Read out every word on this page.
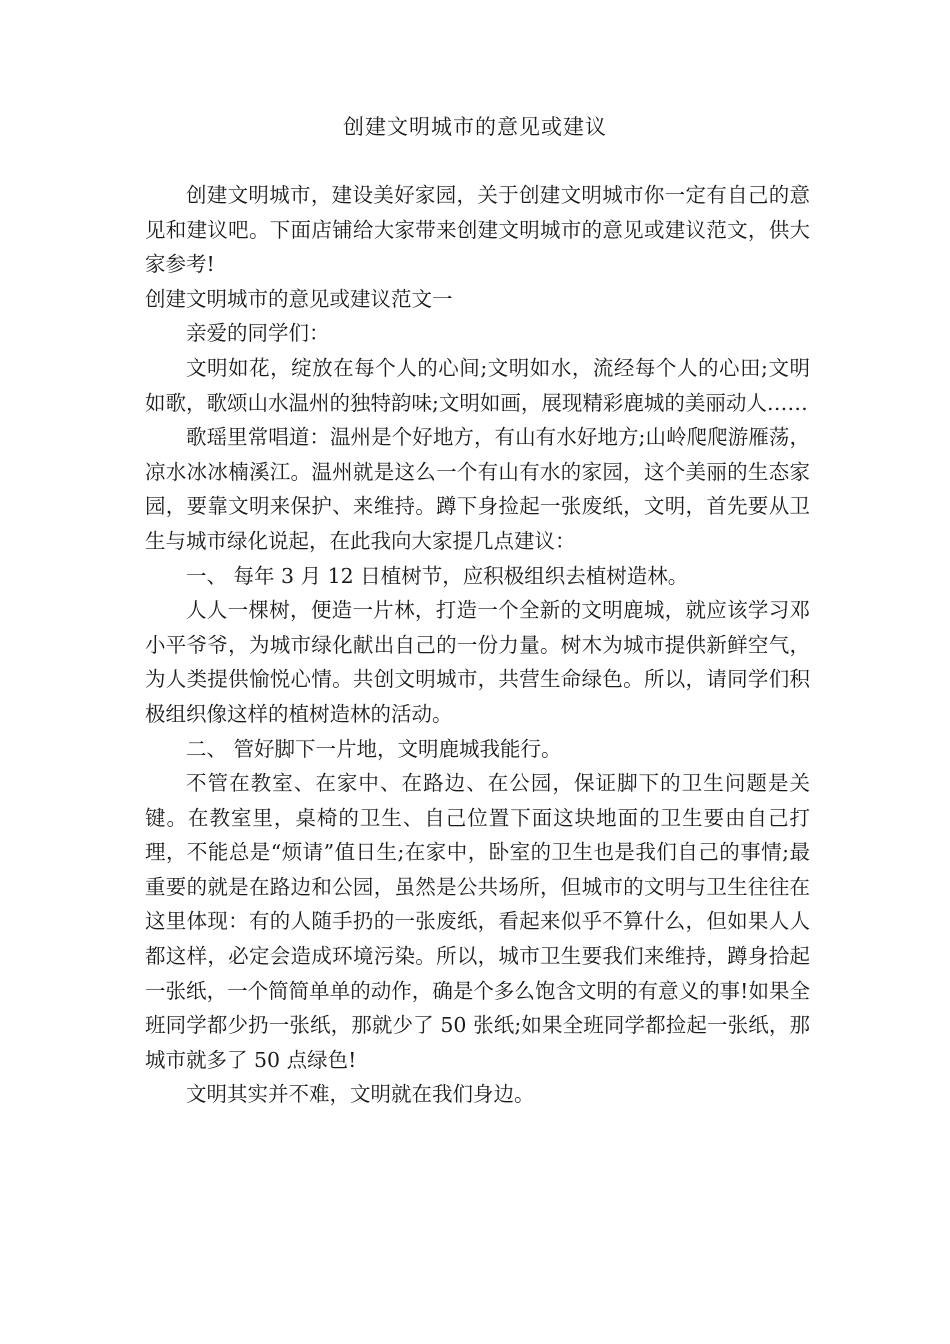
创建文明城市的意见或建议

创建文明城市，建设美好家园，关于创建文明城市你一定有自己的意见和建议吧。下面店铺给大家带来创建文明城市的意见或建议范文，供大家参考!

创建文明城市的意见或建议范文一

亲爱的同学们：

文明如花，绽放在每个人的心间;文明如水，流经每个人的心田;文明如歌，歌颂山水温州的独特韵味;文明如画，展现精彩鹿城的美丽动人……

歌瑶里常唱道：温州是个好地方，有山有水好地方;山岭爬爬游雁荡，凉水冰冰楠溪江。温州就是这么一个有山有水的家园，这个美丽的生态家园，要靠文明来保护、来维持。蹲下身捡起一张废纸，文明，首先要从卫生与城市绿化说起，在此我向大家提几点建议：

一、 每年 3 月 12 日植树节，应积极组织去植树造林。

人人一棵树，便造一片林，打造一个全新的文明鹿城，就应该学习邓小平爷爷，为城市绿化献出自己的一份力量。树木为城市提供新鲜空气，为人类提供愉悦心情。共创文明城市，共营生命绿色。所以，请同学们积极组织像这样的植树造林的活动。

二、 管好脚下一片地，文明鹿城我能行。

不管在教室、在家中、在路边、在公园，保证脚下的卫生问题是关键。在教室里，桌椅的卫生、自己位置下面这块地面的卫生要由自己打理，不能总是“烦请”值日生;在家中，卧室的卫生也是我们自己的事情;最重要的就是在路边和公园，虽然是公共场所，但城市的文明与卫生往往在这里体现：有的人随手扔的一张废纸，看起来似乎不算什么，但如果人人都这样，必定会造成环境污染。所以，城市卫生要我们来维持，蹲身拾起一张纸，一个简简单单的动作，确是个多么饱含文明的有意义的事!如果全班同学都少扔一张纸，那就少了 50 张纸;如果全班同学都捡起一张纸，那城市就多了 50 点绿色!

文明其实并不难，文明就在我们身边。
